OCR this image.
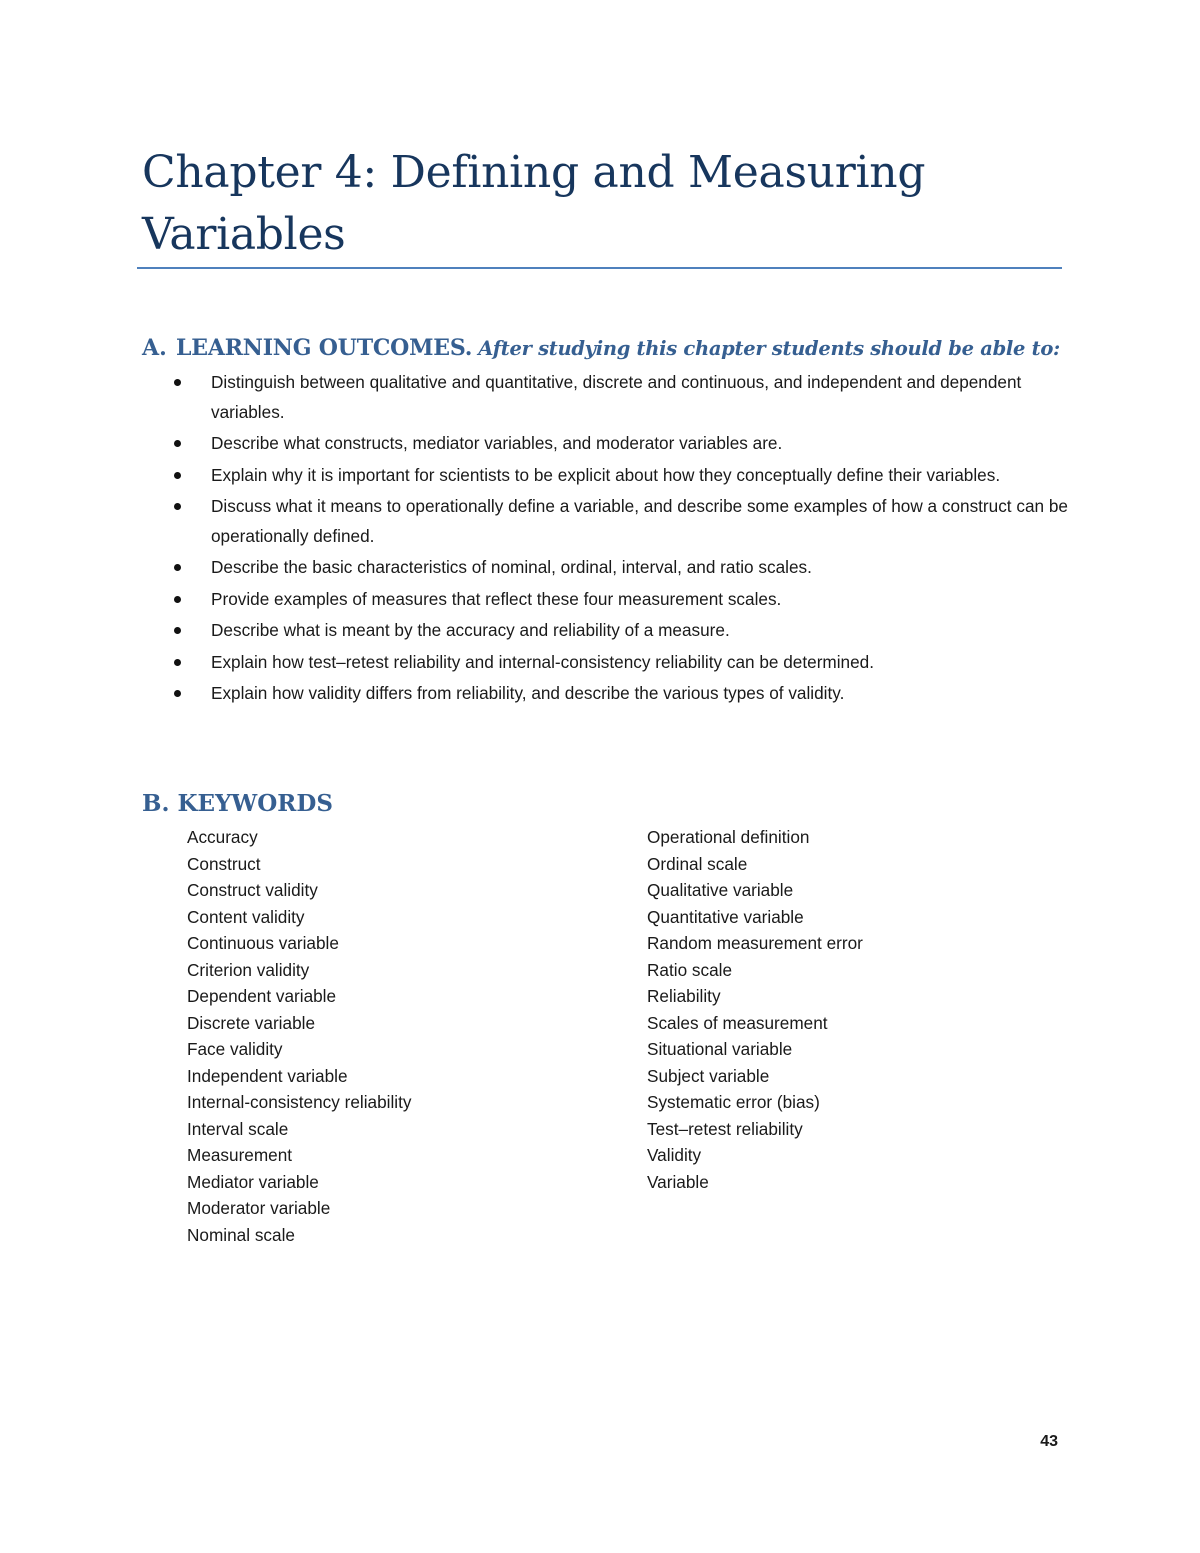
Chapter 4: Defining and Measuring Variables
A. LEARNING OUTCOMES. After studying this chapter students should be able to:
Distinguish between qualitative and quantitative, discrete and continuous, and independent and dependent variables.
Describe what constructs, mediator variables, and moderator variables are.
Explain why it is important for scientists to be explicit about how they conceptually define their variables.
Discuss what it means to operationally define a variable, and describe some examples of how a construct can be operationally defined.
Describe the basic characteristics of nominal, ordinal, interval, and ratio scales.
Provide examples of measures that reflect these four measurement scales.
Describe what is meant by the accuracy and reliability of a measure.
Explain how test–retest reliability and internal-consistency reliability can be determined.
Explain how validity differs from reliability, and describe the various types of validity.
B. KEYWORDS
Accuracy
Construct
Construct validity
Content validity
Continuous variable
Criterion validity
Dependent variable
Discrete variable
Face validity
Independent variable
Internal-consistency reliability
Interval scale
Measurement
Mediator variable
Moderator variable
Nominal scale
Operational definition
Ordinal scale
Qualitative variable
Quantitative variable
Random measurement error
Ratio scale
Reliability
Scales of measurement
Situational variable
Subject variable
Systematic error (bias)
Test–retest reliability
Validity
Variable
43
